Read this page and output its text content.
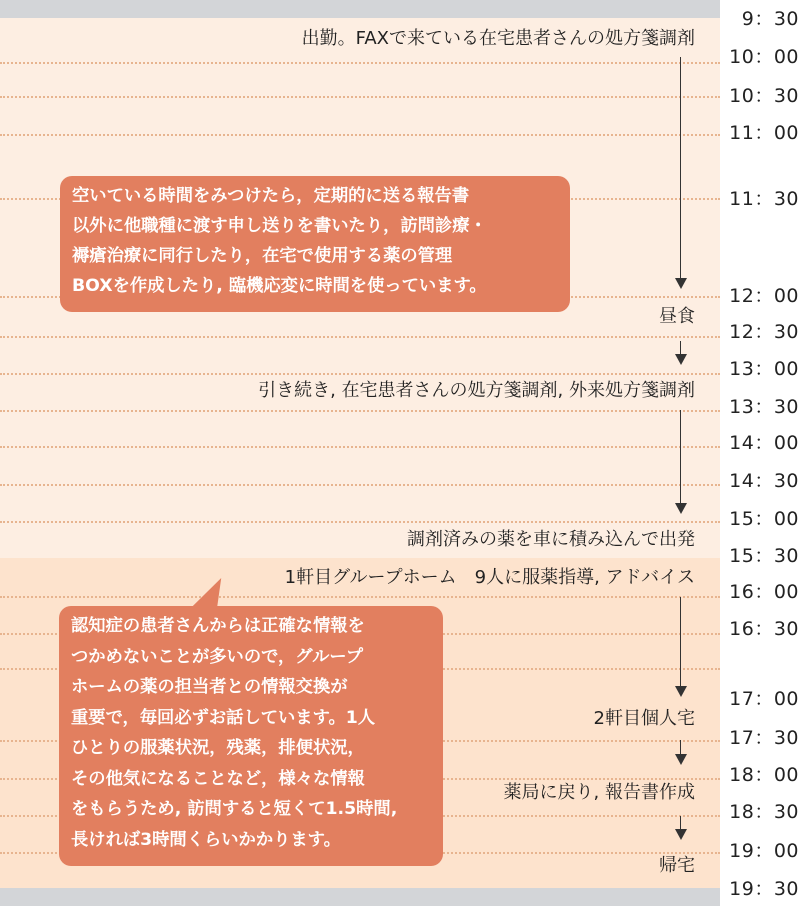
9：30
10：00
10：30
11：00
11：30
12：00
12：30
13：00
13：30
14：00
14：30
15：00
15：30
16：00
16：30
17：00
17：30
18：00
18：30
19：00
19：30
出勤。FAXで来ている在宅患者さんの処方箋調剤
昼食
引き続き, 在宅患者さんの処方箋調剤, 外来処方箋調剤
調剤済みの薬を車に積み込んで出発
1軒目グループホーム　9人に服薬指導, アドバイス
2軒目個人宅
薬局に戻り, 報告書作成
帰宅
空いている時間をみつけたら，定期的に送る報告書
以外に他職種に渡す申し送りを書いたり，訪問診療・
褥瘡治療に同行したり，在宅で使用する薬の管理
BOXを作成したり, 臨機応変に時間を使っています。
認知症の患者さんからは正確な情報を
つかめないことが多いので，グループ
ホームの薬の担当者との情報交換が
重要で，毎回必ずお話しています。1人
ひとりの服薬状況，残薬，排便状況，
その他気になることなど，様々な情報
をもらうため, 訪問すると短くて1.5時間,
長ければ3時間くらいかかります。
